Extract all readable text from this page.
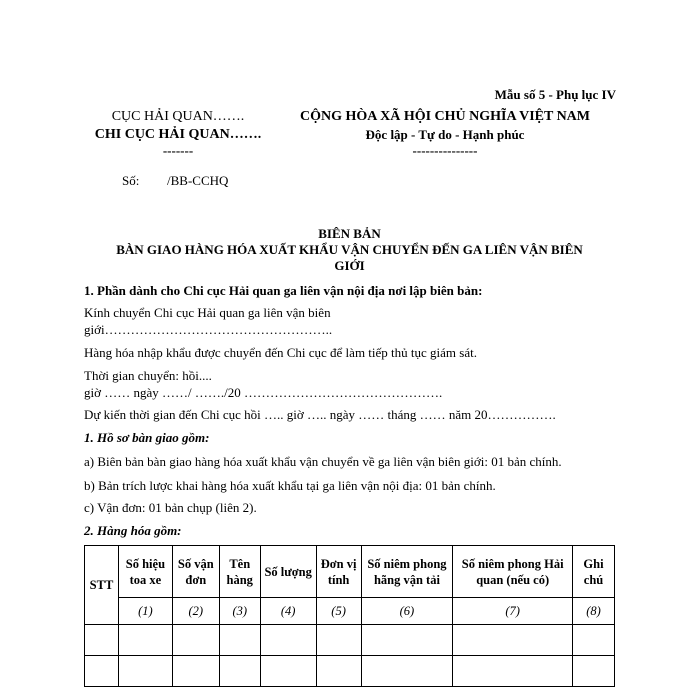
Mẫu số 5 - Phụ lục IV
CỤC HẢI QUAN…….
CHI CỤC HẢI QUAN…….
-------
CỘNG HÒA XÃ HỘI CHỦ NGHĨA VIỆT NAM
Độc lập - Tự do - Hạnh phúc
---------------
Số: /BB-CCHQ
BIÊN BẢN
BÀN GIAO HÀNG HÓA XUẤT KHẨU VẬN CHUYỂN ĐẾN GA LIÊN VẬN BIÊN
GIỚI
1. Phần dành cho Chi cục Hải quan ga liên vận nội địa nơi lập biên bản:
Kính chuyển Chi cục Hải quan ga liên vận biên
giới……………………………………………..
Hàng hóa nhập khẩu được chuyển đến Chi cục để làm tiếp thủ tục giám sát.
Thời gian chuyển: hồi....
giờ …… ngày ……/ ……./20 ……………………………………….
Dự kiến thời gian đến Chi cục hồi ….. giờ ….. ngày …… tháng …… năm 20…………….
1. Hồ sơ bàn giao gồm:
a) Biên bản bàn giao hàng hóa xuất khẩu vận chuyển về ga liên vận biên giới: 01 bản chính.
b) Bản trích lược khai hàng hóa xuất khẩu tại ga liên vận nội địa: 01 bản chính.
c) Vận đơn: 01 bản chụp (liên 2).
2. Hàng hóa gồm:
STT	Số hiệu toa xe	Số vận đơn	Tên hàng	Số lượng	Đơn vị tính	Số niêm phong hãng vận tải	Số niêm phong Hải quan (nếu có)	Ghi chú
	(1)	(2)	(3)	(4)	(5)	(6)	(7)	(8)
